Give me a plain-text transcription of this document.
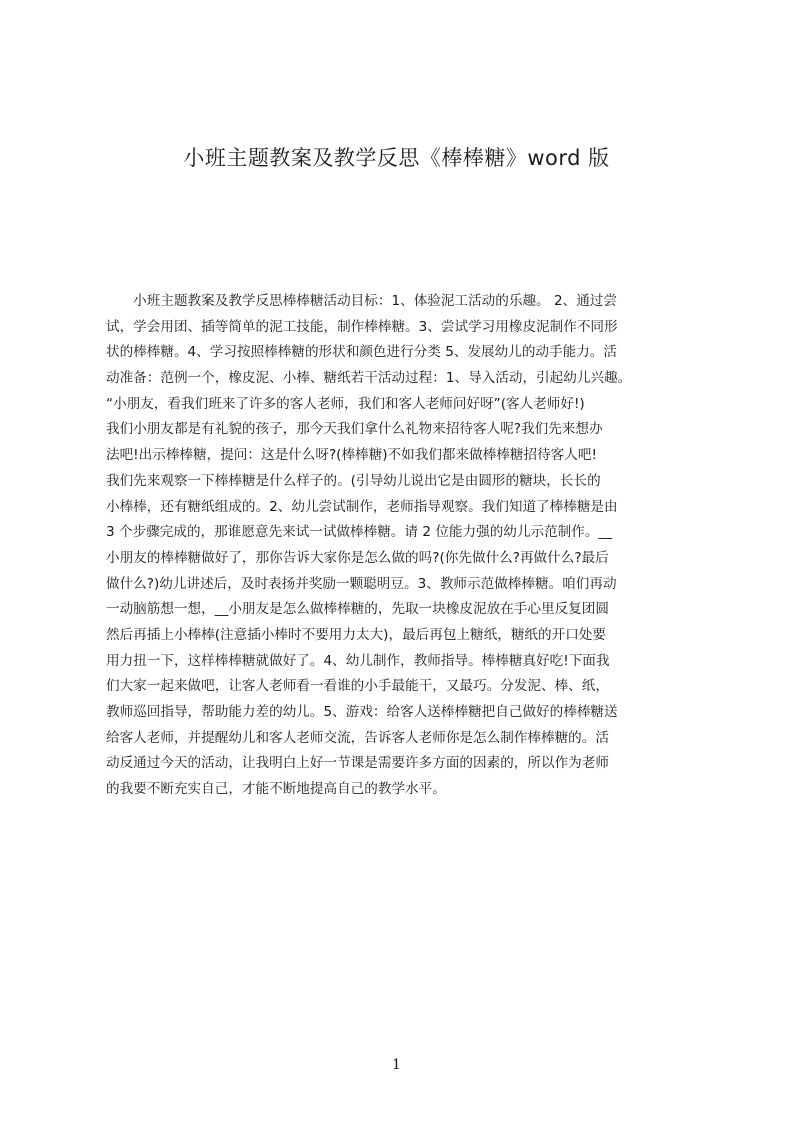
小班主题教案及教学反思《棒棒糖》word 版
　　小班主题教案及教学反思棒棒糖活动目标：1、体验泥工活动的乐趣。 2、通过尝
试，学会用团、插等简单的泥工技能，制作棒棒糖。3、尝试学习用橡皮泥制作不同形
状的棒棒糖。4、学习按照棒棒糖的形状和颜色进行分类 5、发展幼儿的动手能力。活
动准备：范例一个，橡皮泥、小棒、糖纸若干活动过程：1、导入活动，引起幼儿兴趣。
“小朋友，看我们班来了许多的客人老师，我们和客人老师问好呀”(客人老师好!)
我们小朋友都是有礼貌的孩子，那今天我们拿什么礼物来招待客人呢?我们先来想办
法吧!出示棒棒糖，提问：这是什么呀?(棒棒糖)不如我们都来做棒棒糖招待客人吧!
我们先来观察一下棒棒糖是什么样子的。(引导幼儿说出它是由圆形的糖块，长长的
小棒棒，还有糖纸组成的。2、幼儿尝试制作，老师指导观察。我们知道了棒棒糖是由
3 个步骤完成的，那谁愿意先来试一试做棒棒糖。请 2 位能力强的幼儿示范制作。__
小朋友的棒棒糖做好了，那你告诉大家你是怎么做的吗?(你先做什么?再做什么?最后
做什么?)幼儿讲述后，及时表扬并奖励一颗聪明豆。3、教师示范做棒棒糖。咱们再动
一动脑筋想一想，__小朋友是怎么做棒棒糖的，先取一块橡皮泥放在手心里反复团圆
然后再插上小棒棒(注意插小棒时不要用力太大)，最后再包上糖纸，糖纸的开口处要
用力扭一下，这样棒棒糖就做好了。4、幼儿制作，教师指导。棒棒糖真好吃!下面我
们大家一起来做吧，让客人老师看一看谁的小手最能干，又最巧。分发泥、棒、纸，
教师巡回指导，帮助能力差的幼儿。5、游戏：给客人送棒棒糖把自己做好的棒棒糖送
给客人老师，并提醒幼儿和客人老师交流，告诉客人老师你是怎么制作棒棒糖的。活
动反通过今天的活动，让我明白上好一节课是需要许多方面的因素的，所以作为老师
的我要不断充实自己，才能不断地提高自己的教学水平。
1
